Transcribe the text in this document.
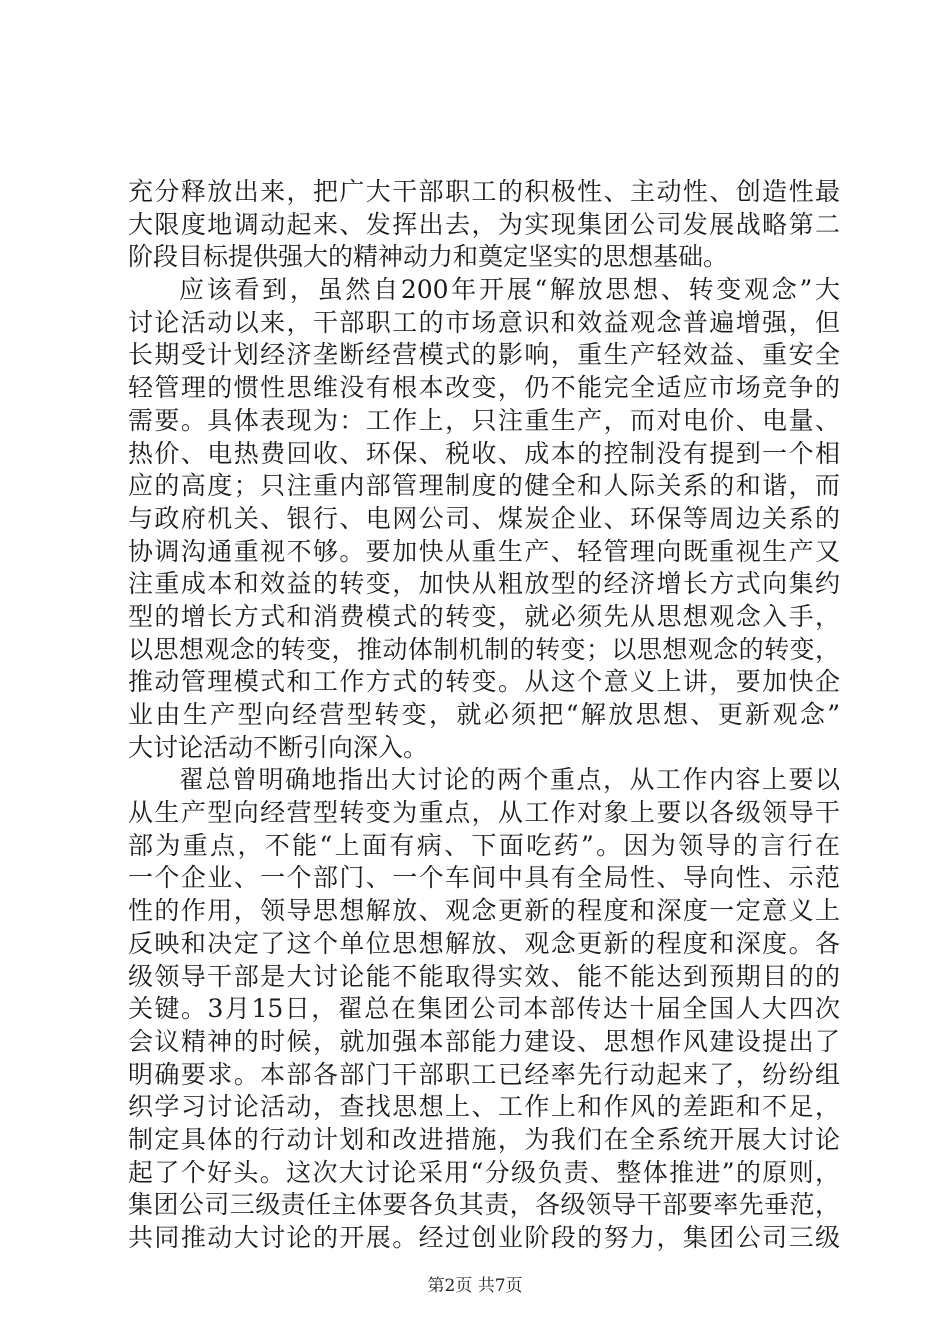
充分释放出来，把广大干部职工的积极性、主动性、创造性最
大限度地调动起来、发挥出去，为实现集团公司发展战略第二
阶段目标提供强大的精神动力和奠定坚实的思想基础。
应该看到，虽然自200年开展“解放思想、转变观念”大
讨论活动以来，干部职工的市场意识和效益观念普遍增强，但
长期受计划经济垄断经营模式的影响，重生产轻效益、重安全
轻管理的惯性思维没有根本改变，仍不能完全适应市场竞争的
需要。具体表现为：工作上，只注重生产，而对电价、电量、
热价、电热费回收、环保、税收、成本的控制没有提到一个相
应的高度；只注重内部管理制度的健全和人际关系的和谐，而
与政府机关、银行、电网公司、煤炭企业、环保等周边关系的
协调沟通重视不够。要加快从重生产、轻管理向既重视生产又
注重成本和效益的转变，加快从粗放型的经济增长方式向集约
型的增长方式和消费模式的转变，就必须先从思想观念入手，
以思想观念的转变，推动体制机制的转变；以思想观念的转变，
推动管理模式和工作方式的转变。从这个意义上讲，要加快企
业由生产型向经营型转变，就必须把“解放思想、更新观念”
大讨论活动不断引向深入。
翟总曾明确地指出大讨论的两个重点，从工作内容上要以
从生产型向经营型转变为重点，从工作对象上要以各级领导干
部为重点，不能“上面有病、下面吃药”。因为领导的言行在
一个企业、一个部门、一个车间中具有全局性、导向性、示范
性的作用，领导思想解放、观念更新的程度和深度一定意义上
反映和决定了这个单位思想解放、观念更新的程度和深度。各
级领导干部是大讨论能不能取得实效、能不能达到预期目的的
关键。3月15日，翟总在集团公司本部传达十届全国人大四次
会议精神的时候，就加强本部能力建设、思想作风建设提出了
明确要求。本部各部门干部职工已经率先行动起来了，纷纷组
织学习讨论活动，查找思想上、工作上和作风的差距和不足，
制定具体的行动计划和改进措施，为我们在全系统开展大讨论
起了个好头。这次大讨论采用“分级负责、整体推进”的原则，
集团公司三级责任主体要各负其责，各级领导干部要率先垂范，
共同推动大讨论的开展。经过创业阶段的努力，集团公司三级
第2页 共7页
